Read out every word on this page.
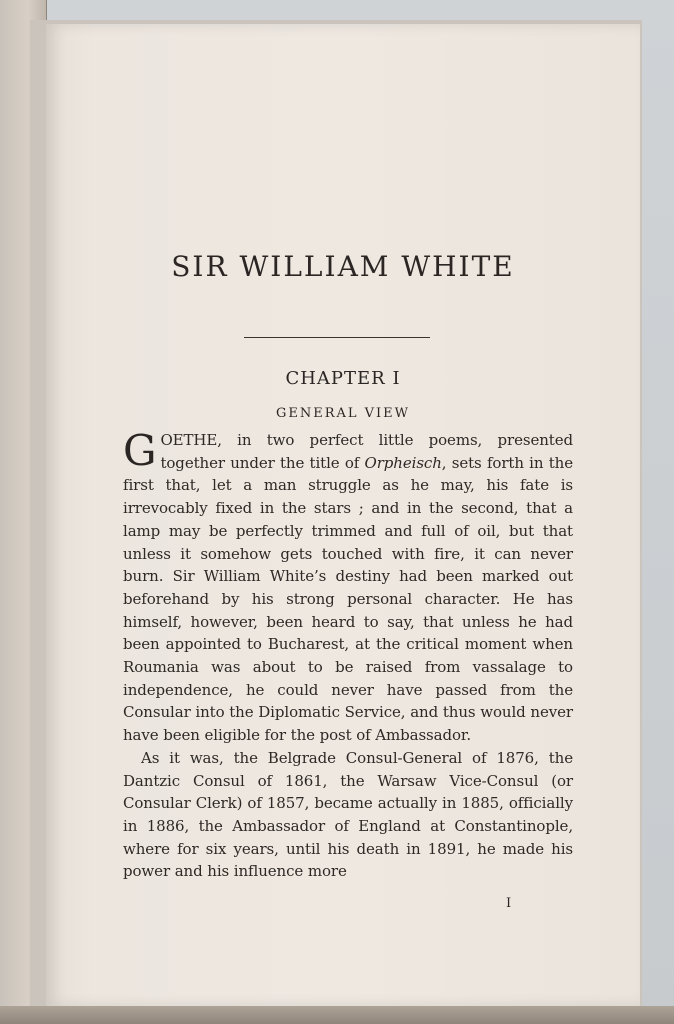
SIR WILLIAM WHITE
CHAPTER I
GENERAL VIEW

GOETHE, in two perfect little poems, presented together under the title of Orpheisch, sets forth in the first that, let a man struggle as he may, his fate is irrevocably fixed in the stars ; and in the second, that a lamp may be perfectly trimmed and full of oil, but that unless it somehow gets touched with fire, it can never burn. Sir William White’s destiny had been marked out beforehand by his strong personal character. He has himself, however, been heard to say, that unless he had been appointed to Bucharest, at the critical moment when Roumania was about to be raised from vassalage to independence, he could never have passed from the Consular into the Diplomatic Service, and thus would never have been eligible for the post of Ambassador.

As it was, the Belgrade Consul-General of 1876, the Dantzic Consul of 1861, the Warsaw Vice-Consul (or Consular Clerk) of 1857, became actually in 1885, officially in 1886, the Ambassador of England at Constantinople, where for six years, until his death in 1891, he made his power and his influence more

I
